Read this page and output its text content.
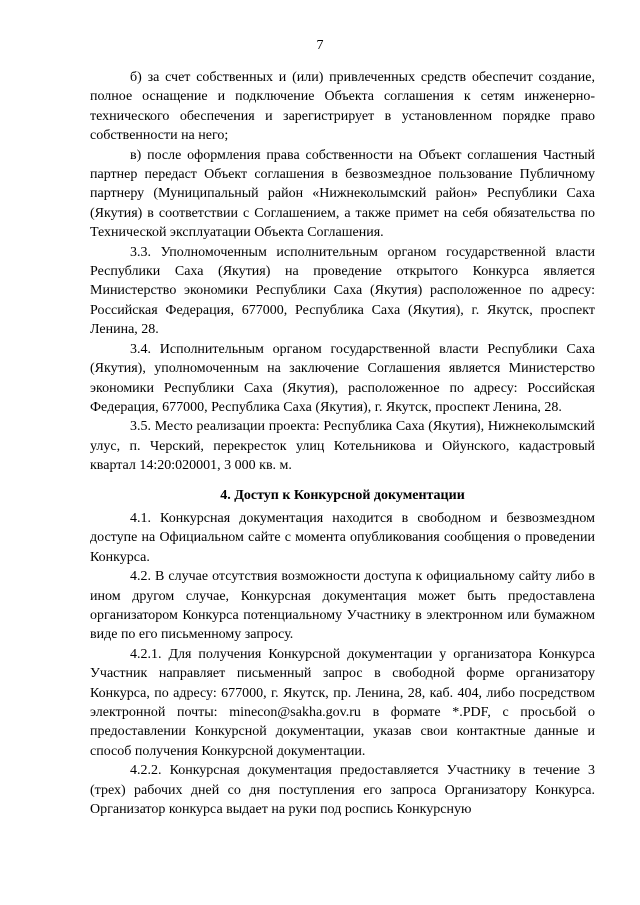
7

б) за счет собственных и (или) привлеченных средств обеспечит создание, полное оснащение и подключение Объекта соглашения к сетям инженерно-технического обеспечения и зарегистрирует в установленном порядке право собственности на него;

в) после оформления права собственности на Объект соглашения Частный партнер передаст Объект соглашения в безвозмездное пользование Публичному партнеру (Муниципальный район «Нижнеколымский район» Республики Саха (Якутия) в соответствии с Соглашением, а также примет на себя обязательства по Технической эксплуатации Объекта Соглашения.

3.3. Уполномоченным исполнительным органом государственной власти Республики Саха (Якутия) на проведение открытого Конкурса является Министерство экономики Республики Саха (Якутия) расположенное по адресу: Российская Федерация, 677000, Республика Саха (Якутия), г. Якутск, проспект Ленина, 28.

3.4. Исполнительным органом государственной власти Республики Саха (Якутия), уполномоченным на заключение Соглашения является Министерство экономики Республики Саха (Якутия), расположенное по адресу: Российская Федерация, 677000, Республика Саха (Якутия), г. Якутск, проспект Ленина, 28.

3.5. Место реализации проекта: Республика Саха (Якутия), Нижнеколымский улус, п. Черский, перекресток улиц Котельникова и Ойунского, кадастровый квартал 14:20:020001, 3 000 кв. м.

4. Доступ к Конкурсной документации

4.1. Конкурсная документация находится в свободном и безвозмездном доступе на Официальном сайте с момента опубликования сообщения о проведении Конкурса.

4.2. В случае отсутствия возможности доступа к официальному сайту либо в ином другом случае, Конкурсная документация может быть предоставлена организатором Конкурса потенциальному Участнику в электронном или бумажном виде по его письменному запросу.

4.2.1. Для получения Конкурсной документации у организатора Конкурса Участник направляет письменный запрос в свободной форме организатору Конкурса, по адресу: 677000, г. Якутск, пр. Ленина, 28, каб. 404, либо посредством электронной почты: minecon@sakha.gov.ru в формате *.PDF, с просьбой о предоставлении Конкурсной документации, указав свои контактные данные и способ получения Конкурсной документации.

4.2.2. Конкурсная документация предоставляется Участнику в течение 3 (трех) рабочих дней со дня поступления его запроса Организатору Конкурса. Организатор конкурса выдает на руки под роспись Конкурсную
